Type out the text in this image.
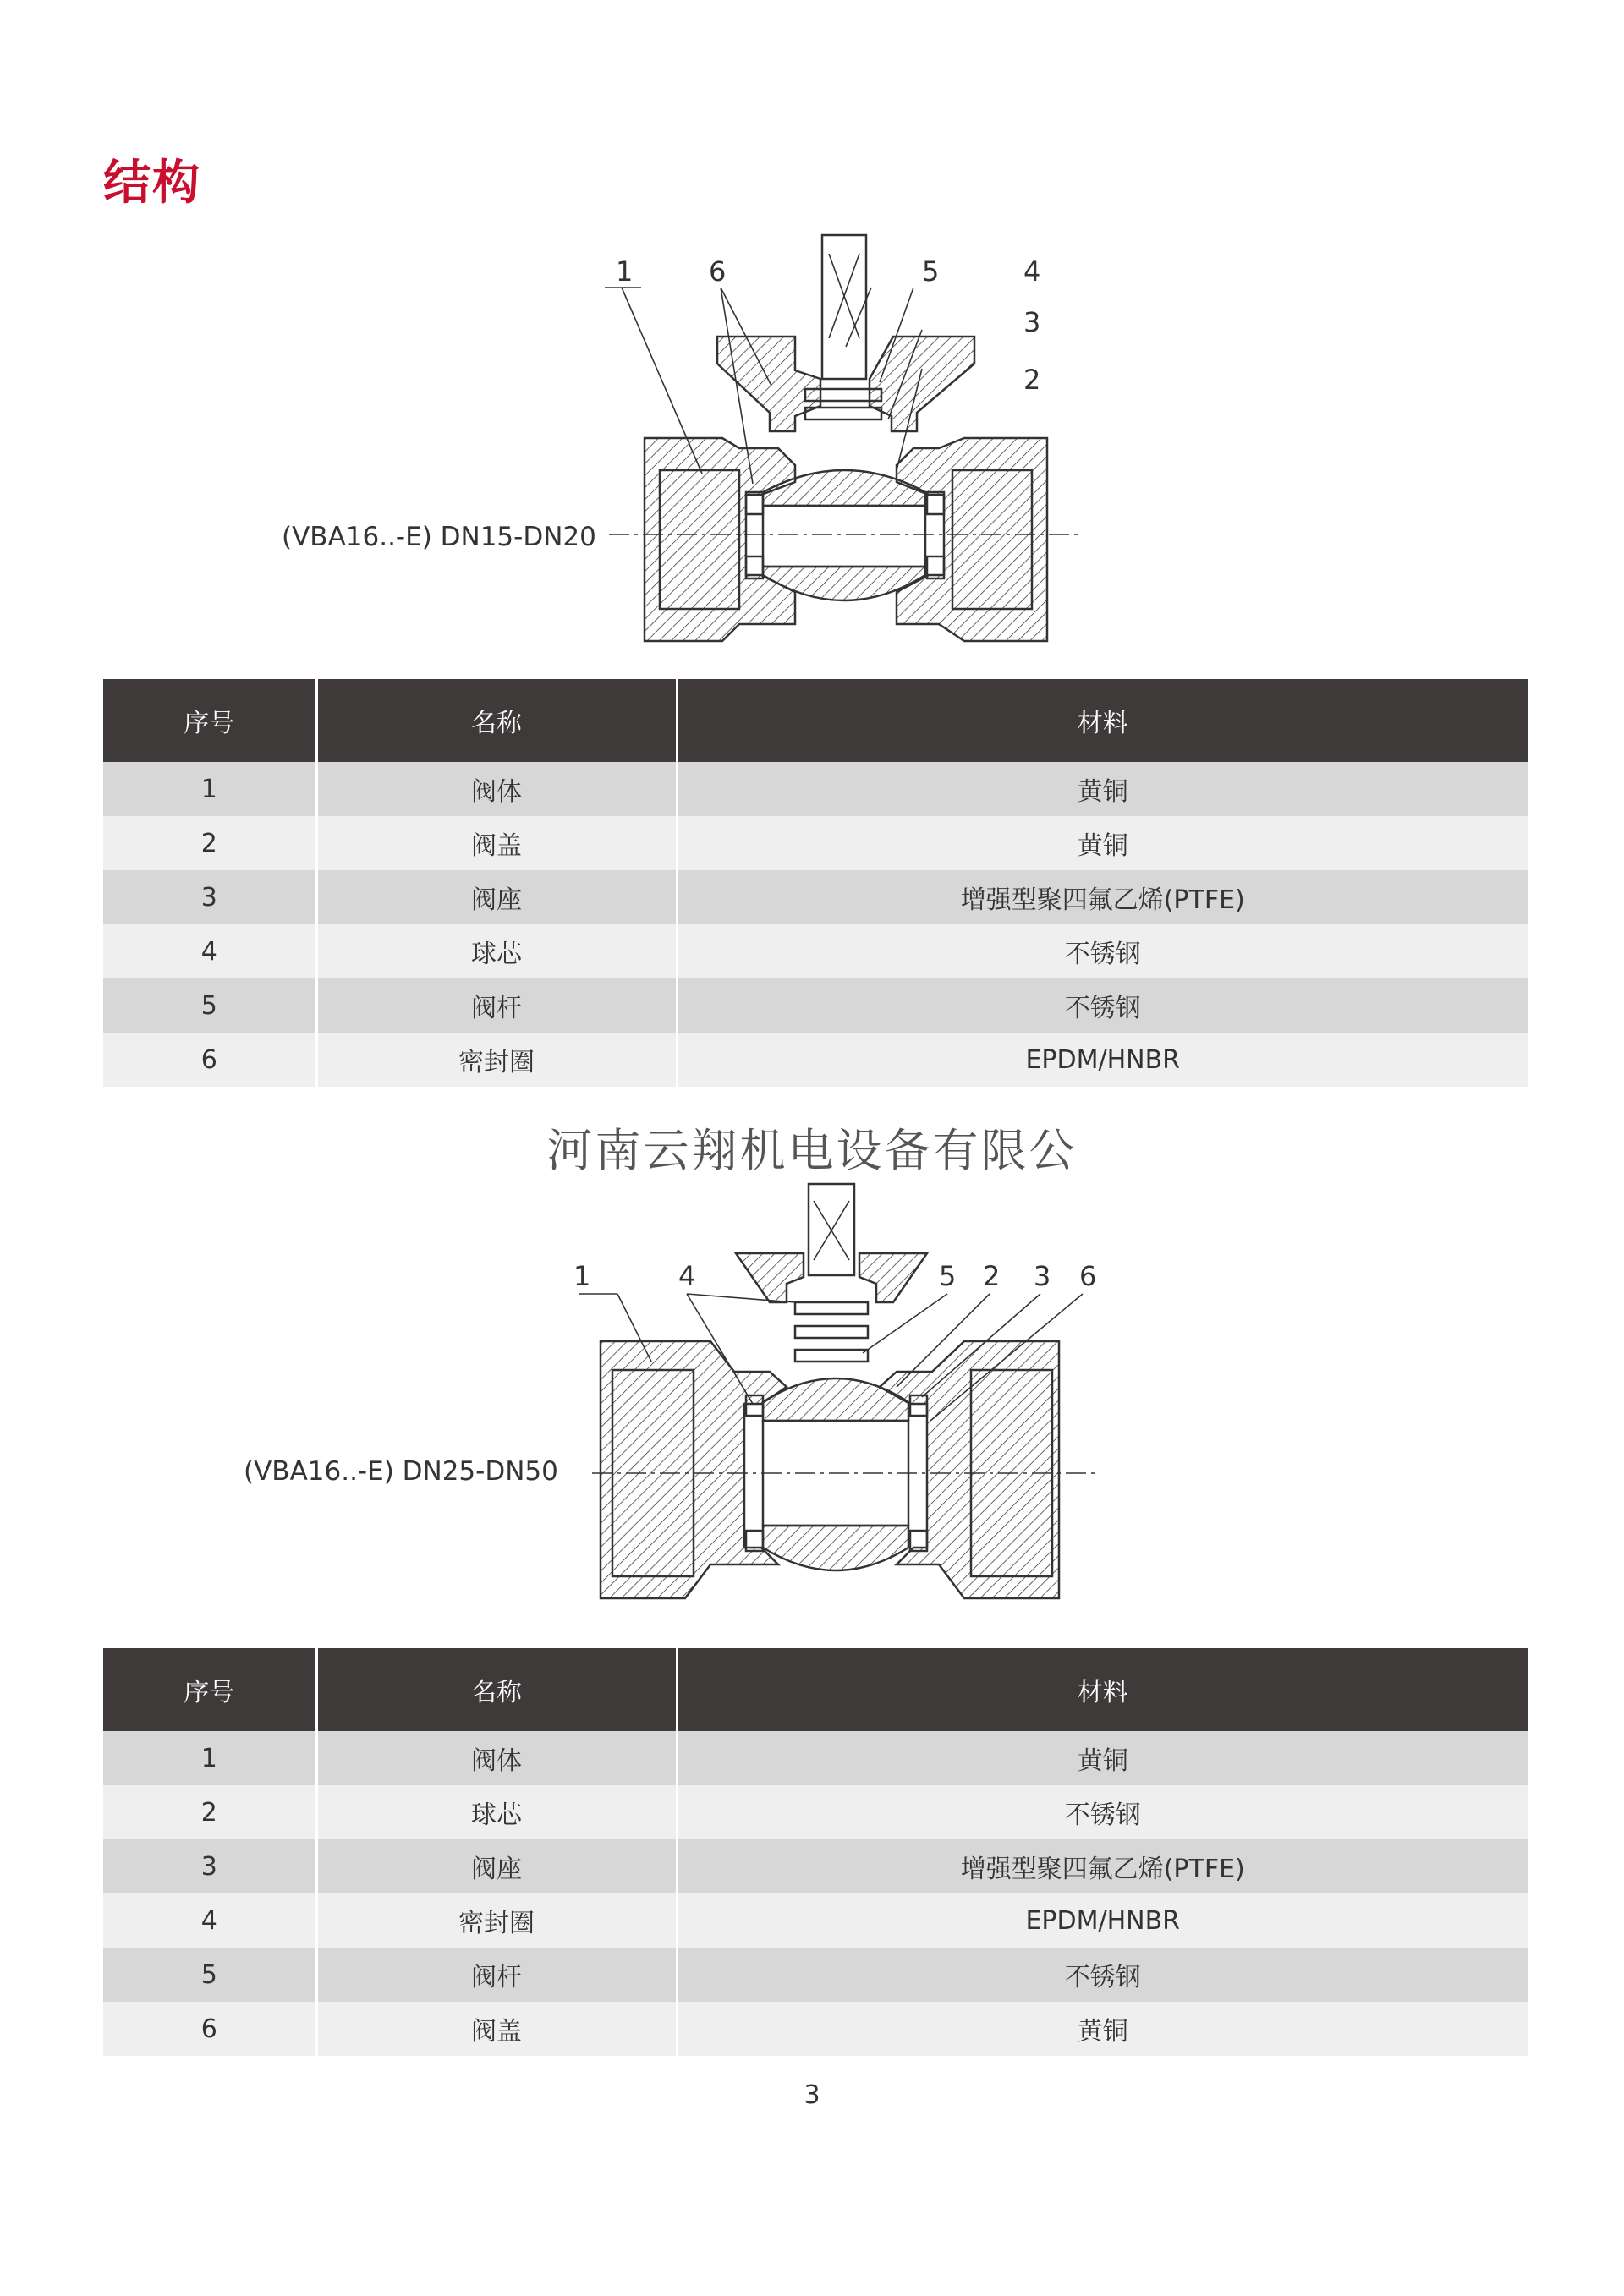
结构
(VBA16..-E) DN15-DN20
1	6	5	4
3
2
序号	名称	材料
1	阀体	黄铜
2	阀盖	黄铜
3	阀座	增强型聚四氟乙烯(PTFE)
4	球芯	不锈钢
5	阀杆	不锈钢
6	密封圈	EPDM/HNBR
河南云翔机电设备有限公
(VBA16..-E) DN25-DN50
1	4	5 2 3 6
序号	名称	材料
1	阀体	黄铜
2	球芯	不锈钢
3	阀座	增强型聚四氟乙烯(PTFE)
4	密封圈	EPDM/HNBR
5	阀杆	不锈钢
6	阀盖	黄铜
3
